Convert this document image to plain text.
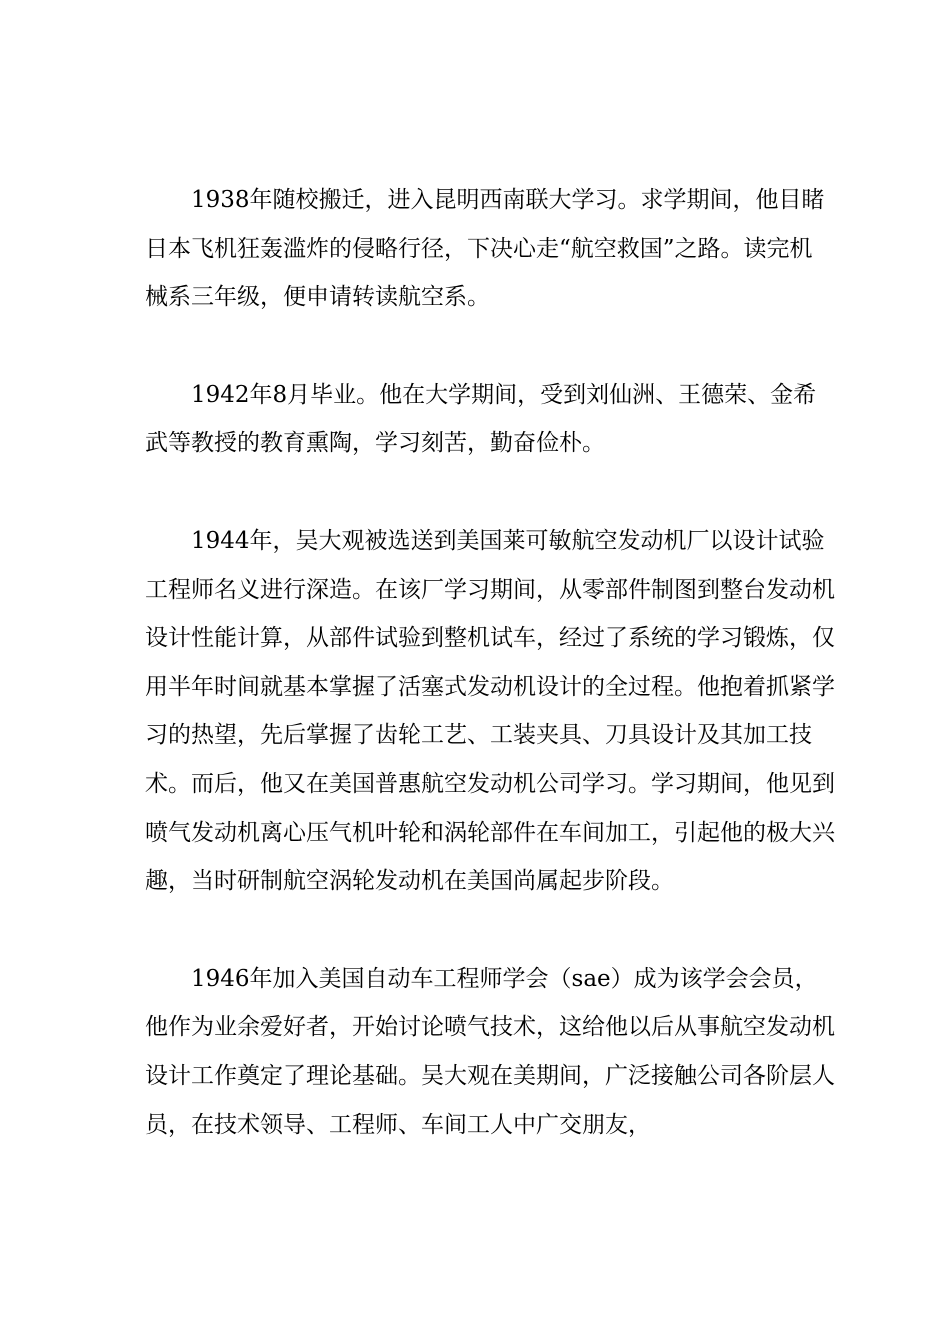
1938年随校搬迁，进入昆明西南联大学习。求学期间，他目睹日本飞机狂轰滥炸的侵略行径，下决心走“航空救国”之路。读完机械系三年级，便申请转读航空系。

1942年8月毕业。他在大学期间，受到刘仙洲、王德荣、金希武等教授的教育熏陶，学习刻苦，勤奋俭朴。

1944年，吴大观被选送到美国莱可敏航空发动机厂以设计试验工程师名义进行深造。在该厂学习期间，从零部件制图到整台发动机设计性能计算，从部件试验到整机试车，经过了系统的学习锻炼，仅用半年时间就基本掌握了活塞式发动机设计的全过程。他抱着抓紧学习的热望，先后掌握了齿轮工艺、工装夹具、刀具设计及其加工技术。而后，他又在美国普惠航空发动机公司学习。学习期间，他见到喷气发动机离心压气机叶轮和涡轮部件在车间加工，引起他的极大兴趣，当时研制航空涡轮发动机在美国尚属起步阶段。

1946年加入美国自动车工程师学会（sae）成为该学会会员，他作为业余爱好者，开始讨论喷气技术，这给他以后从事航空发动机设计工作奠定了理论基础。吴大观在美期间，广泛接触公司各阶层人员，在技术领导、工程师、车间工人中广交朋友，
